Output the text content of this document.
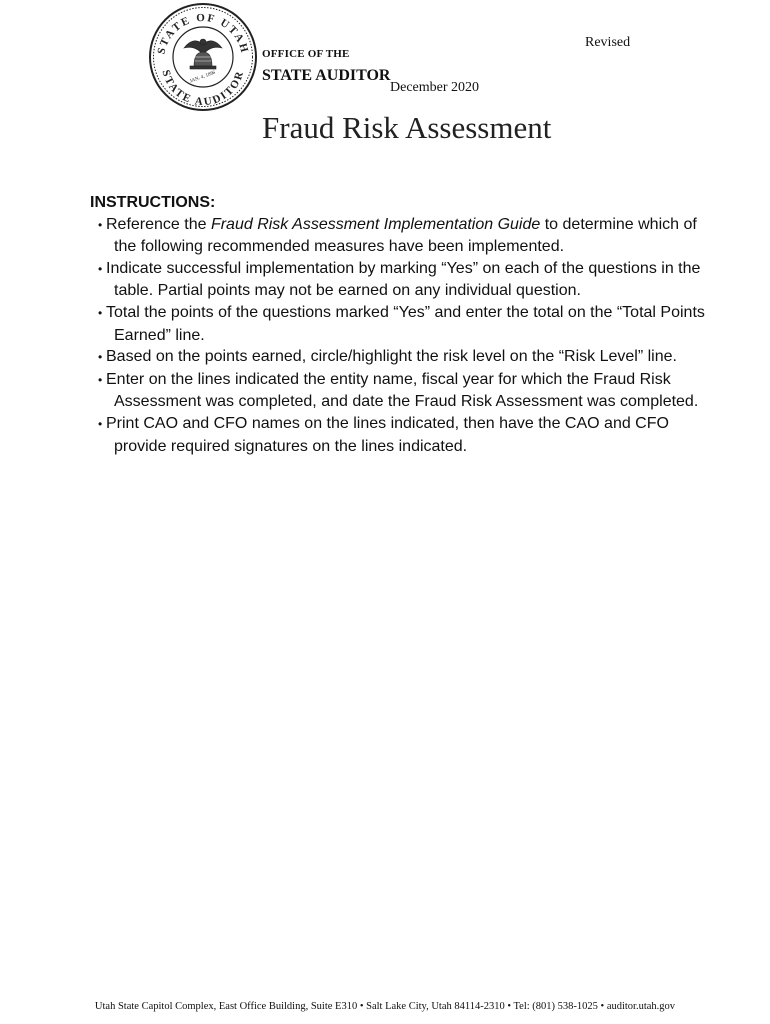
STATE OF UTAH
STATE AUDITOR
JAN. 4, 1896
OFFICE OF THE
STATE AUDITOR
December 2020
Revised
Fraud Risk Assessment
INSTRUCTIONS:
• Reference the Fraud Risk Assessment Implementation Guide to determine which of the following recommended measures have been implemented.
• Indicate successful implementation by marking “Yes” on each of the questions in the table. Partial points may not be earned on any individual question.
• Total the points of the questions marked “Yes” and enter the total on the “Total Points Earned” line.
• Based on the points earned, circle/highlight the risk level on the “Risk Level” line.
• Enter on the lines indicated the entity name, fiscal year for which the Fraud Risk Assessment was completed, and date the Fraud Risk Assessment was completed.
• Print CAO and CFO names on the lines indicated, then have the CAO and CFO provide required signatures on the lines indicated.
Utah State Capitol Complex, East Office Building, Suite E310 • Salt Lake City, Utah 84114-2310 • Tel: (801) 538-1025 • auditor.utah.gov
